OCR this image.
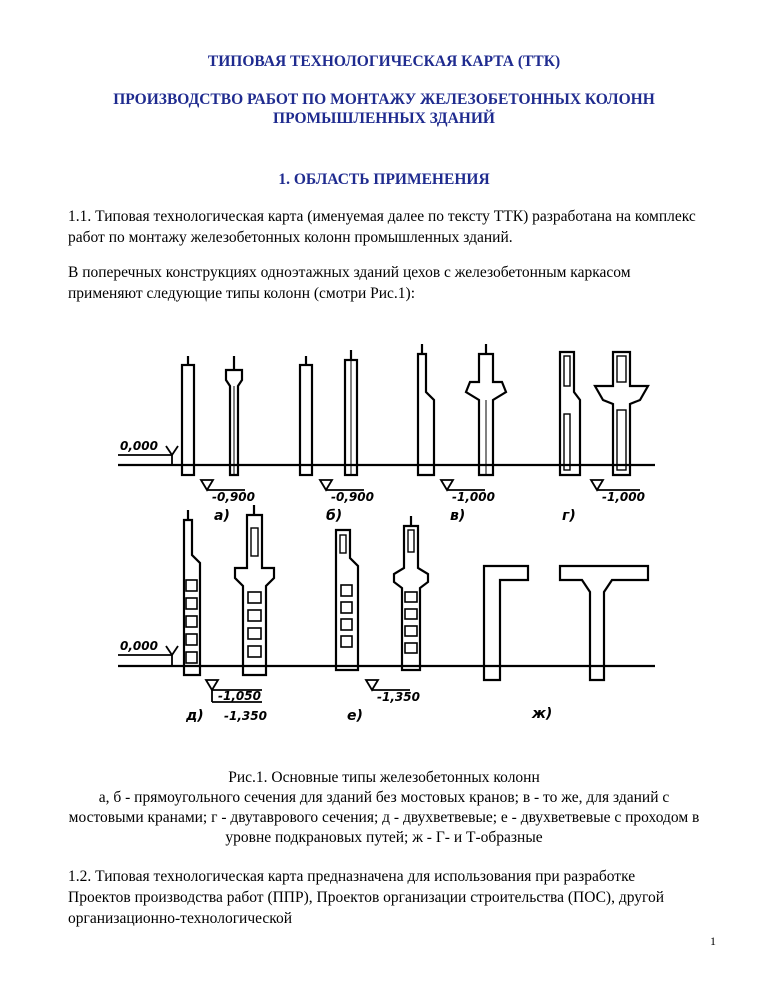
ТИПОВАЯ ТЕХНОЛОГИЧЕСКАЯ КАРТА (ТТК)
ПРОИЗВОДСТВО РАБОТ ПО МОНТАЖУ ЖЕЛЕЗОБЕТОННЫХ КОЛОНН ПРОМЫШЛЕННЫХ ЗДАНИЙ
1. ОБЛАСТЬ ПРИМЕНЕНИЯ
1.1. Типовая технологическая карта (именуемая далее по тексту ТТК) разработана на комплекс работ по монтажу железобетонных колонн промышленных зданий.
В поперечных конструкциях одноэтажных зданий цехов с железобетонным каркасом применяют следующие типы колонн (смотри Рис.1):
0,000
0,000
-0,900	-0,900	-1,000	-1,000
-1,050
-1,350
-1,350
а)	б)	в)	г)
д)	е)	ж)
Рис.1. Основные типы железобетонных колонн
а, б - прямоугольного сечения для зданий без мостовых кранов; в - то же, для зданий с мостовыми кранами; г - двутаврового сечения; д - двухветвевые; е - двухветвевые с проходом в уровне подкрановых путей; ж - Г- и Т-образные
1.2. Типовая технологическая карта предназначена для использования при разработке Проектов производства работ (ППР), Проектов организации строительства (ПОС), другой организационно-технологической
1
